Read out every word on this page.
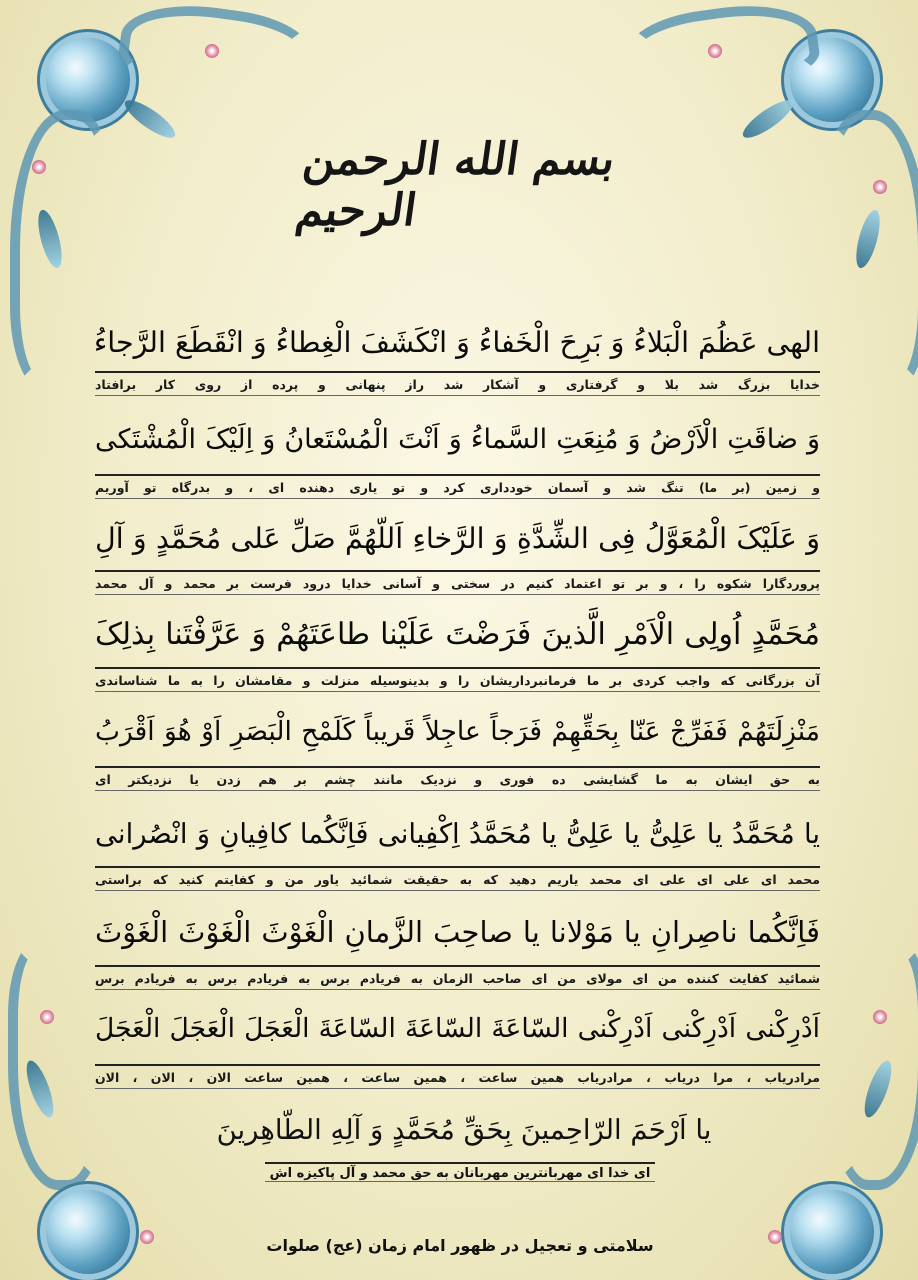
بسم الله الرحمن الرحیم
الهی عَظُمَ الْبَلاءُ وَ بَرِحَ الْخَفاءُ وَ انْکَشَفَ الْغِطاءُ وَ انْقَطَعَ الرَّجاءُ
خدایا بزرگ شد بلا و گرفتاری و آشکار شد راز پنهانی و پرده از روی کار برافتاد
وَ ضاقَتِ الْاَرْضُ وَ مُنِعَتِ السَّماءُ وَ اَنْتَ الْمُسْتَعانُ وَ اِلَیْکَ الْمُشْتَکی
و زمین (بر ما) تنگ شد و آسمان خودداری کرد و تو یاری دهنده ای ، و بدرگاه تو آوریم
وَ عَلَیْکَ الْمُعَوَّلُ فِی الشِّدَّةِ وَ الرَّخاءِ اَللّهُمَّ صَلِّ عَلی مُحَمَّدٍ وَ آلِ
پروردگارا شکوه را ، و بر تو اعتماد کنیم در سختی و آسانی خدایا درود فرست بر محمد و آل محمد
مُحَمَّدٍ اُولِی الْاَمْرِ الَّذینَ فَرَضْتَ عَلَیْنا طاعَتَهُمْ وَ عَرَّفْتَنا بِذلِکَ
آن بزرگانی که واجب کردی بر ما فرمانبرداریشان را و بدینوسیله منزلت و مقامشان را به ما شناساندی
مَنْزِلَتَهُمْ فَفَرِّجْ عَنّا بِحَقِّهِمْ فَرَجاً عاجِلاً قَریباً کَلَمْحِ الْبَصَرِ اَوْ هُوَ اَقْرَبُ
به حق ایشان به ما گشایشی ده فوری و نزدیک مانند چشم بر هم زدن یا نزدیکتر ای
یا مُحَمَّدُ یا عَلِیُّ یا عَلِیُّ یا مُحَمَّدُ اِکْفِیانی فَاِنَّکُما کافِیانِ وَ انْصُرانی
محمد ای علی ای علی ای محمد یاریم دهید که به حقیقت شمائید یاور من و کفایتم کنید که براستی
فَاِنَّکُما ناصِرانِ یا مَوْلانا یا صاحِبَ الزَّمانِ الْغَوْثَ الْغَوْثَ الْغَوْثَ
شمائید کفایت کننده من ای مولای من ای صاحب الزمان به فریادم برس به فریادم برس به فریادم برس
اَدْرِکْنی اَدْرِکْنی اَدْرِکْنی السّاعَةَ السّاعَةَ السّاعَةَ الْعَجَلَ الْعَجَلَ الْعَجَلَ
مرادریاب ، مرا دریاب ، مرادریاب همین ساعت ، همین ساعت ، همین ساعت الان ، الان ، الان
یا اَرْحَمَ الرّاحِمینَ بِحَقِّ مُحَمَّدٍ وَ آلِهِ الطّاهِرینَ
ای خدا ای مهربانترین مهربانان به حق محمد و آل پاکیزه اش
سلامتی و تعجیل در ظهور امام زمان (عج) صلوات
